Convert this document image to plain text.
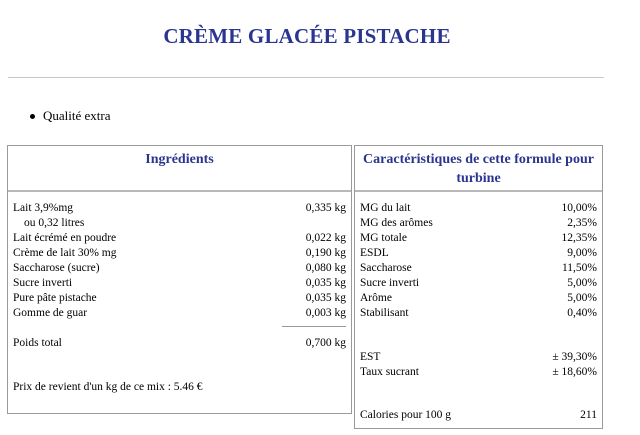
CRÈME GLACÉE PISTACHE
Qualité extra
Ingrédients
Lait 3,9%mg	0,335 kg
ou 0,32 litres
Lait écrémé en poudre	0,022 kg
Crème de lait 30% mg	0,190 kg
Saccharose (sucre)	0,080 kg
Sucre inverti	0,035 kg
Pure pâte pistache	0,035 kg
Gomme de guar	0,003 kg
Poids total	0,700 kg
Prix de revient d'un kg de ce mix : 5.46 €
Caractéristiques de cette formule pour turbine
MG du lait	10,00%
MG des arômes	2,35%
MG totale	12,35%
ESDL	9,00%
Saccharose	11,50%
Sucre inverti	5,00%
Arôme	5,00%
Stabilisant	0,40%
EST	± 39,30%
Taux sucrant	± 18,60%
Calories pour 100 g	211
